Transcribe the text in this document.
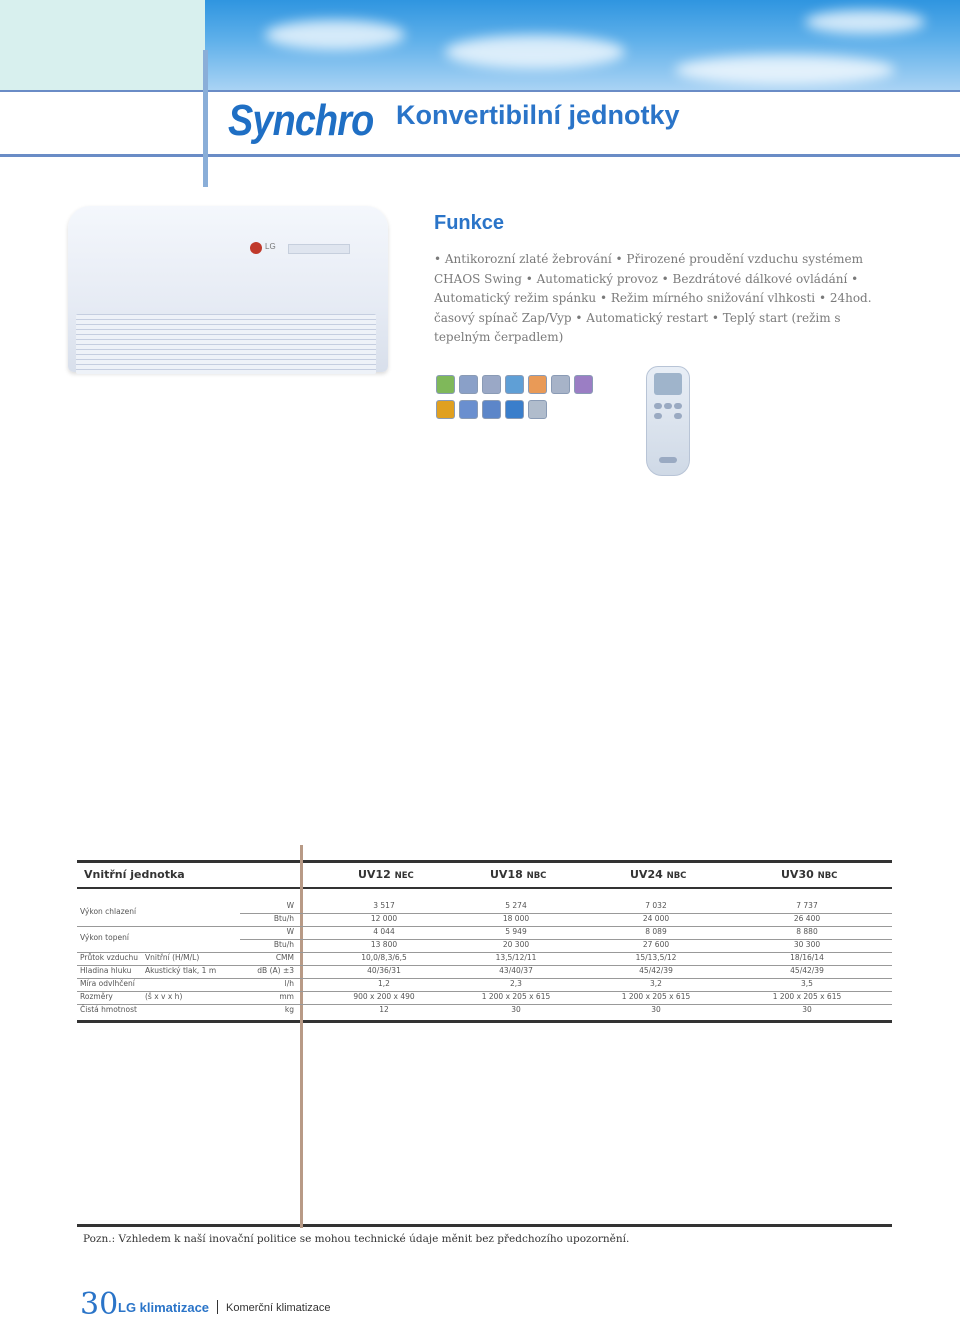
Synchro Konvertibilní jednotky
LG
Funkce
• Antikorozní zlaté žebrování • Přirozené proudění vzduchu systémem CHAOS Swing • Automatický provoz • Bezdrátové dálkové ovládání • Automatický režim spánku • Režim mírného snižování vlhkosti • 24hod. časový spínač Zap/Vyp • Automatický restart • Teplý start (režim s tepelným čerpadlem)
Vnitřní jednotka	UV12 NEC	UV18 NBC	UV24 NBC	UV30 NBC
Výkon chlazení
W	3 517	5 274	7 032	7 737
Btu/h	12 000	18 000	24 000	26 400
Výkon topení
W	4 044	5 949	8 089	8 880
Btu/h	13 800	20 300	27 600	30 300
Průtok vzduchu Vnitřní (H/M/L)	CMM	10,0/8,3/6,5	13,5/12/11	15/13,5/12	18/16/14
Hladina hluku Akustický tlak, 1 m	dB (A) ±3	40/36/31	43/40/37	45/42/39	45/42/39
Míra odvlhčení	l/h	1,2	2,3	3,2	3,5
Rozměry	(š x v x h)	mm	900 x 200 x 490	1 200 x 205 x 615	1 200 x 205 x 615	1 200 x 205 x 615
Čistá hmotnost	kg	12	30	30	30
Pozn.: Vzhledem k naší inovační politice se mohou technické údaje měnit bez předchozího upozornění.
30 LG klimatizace Komerční klimatizace
